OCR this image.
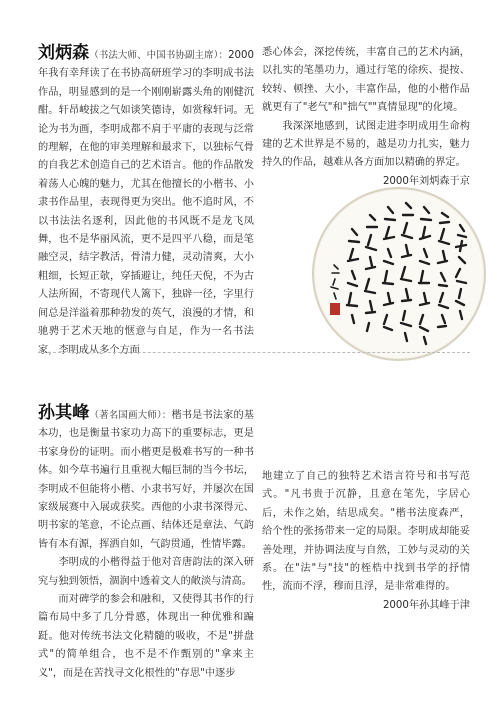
刘炳森（书法大师、中国书协副主席）：2000年我有幸拜读了在书协高研班学习的李明成书法作品，明显感到的是一个刚刚崭露头角的刚健沉酣。轩昂峻拔之气如谈笑德诗，如赏稼轩词。无论为书为画，李明成都不肩于平庸的表现与泛常的理解，在他的审美理解和最求下，以独标气骨的自我艺术创造自己的艺术语言。他的作品散发着荡人心魄的魅力，尤其在他擅长的小楷书、小隶书作品里，表现得更为突出。他不追时风，不以书法法名逐利，因此他的书风既不是龙飞凤舞，也不是华丽风流，更不是四平八稳，而是笔融空灵，结字教活，骨清力健，灵动清爽，大小粗细，长短正欹，穿插避让，纯任天倪，不为古人法所囿，不寄现代人篱下，独辟一径，字里行间总是洋溢着那种勃发的英气，浪漫的才情，和驰骋于艺术天地的惬意与自足，作为一名书法家，李明成从多个方面

悉心体会，深挖传统，丰富自己的艺术内涵，以扎实的笔墨功力，通过行笔的徐疾、提按、较转、顿挫、大小，丰富作品，他的小楷作品就更有了"老气"和"拙气""真情显现"的化境。

我深深地感到，试图走进李明成用生命构建的艺术世界是不易的，越是功力扎实，魅力持久的作品，越难从各方面加以精确的界定。

2000年刘炳森于京

孙其峰（著名国画大师）：楷书是书法家的基本功，也是衡量书家功力高下的重要标志，更是书家身份的证明。而小楷更是极难书写的一种书体。如今草书遍行且重视大幅巨制的当今书坛，李明成不但能将小楷、小隶书写好，并屡次在国家级展赛中入展或获奖。西他的小隶书深得元、明书家的笔意，不论点画、结体还是章法、气韵皆有本有源，挥洒自如，气韵贯通，性情毕露。

李明成的小楷得益于他对音唐韵法的深入研究与独到领悟，涸润中透着文人的敞淡与清高。

而对碑学的参会和融和，又使得其书作的行篇布局中多了几分骨感，体现出一种优雅和蹁跹。他对传统书法文化精髓的吸收，不是"拼盘式"的简单组合，也不是不作甄别的"拿来主义"，而是在苦找寻文化根性的"存思"中逐步

地建立了自己的独特艺术语言符号和书写范式。"凡书贵于沉静，且意在笔先，字居心后，未作之始，结思成矣。"楷书法度森严，给个性的张扬带来一定的局限。李明成却能妥善处理，并协调法度与自然，工妙与灵动的关系。在"法"与"技"的桎梏中找到书学的抒情性，流而不浮，穆而且浮，是非常难得的。

2000年孙其峰于津
